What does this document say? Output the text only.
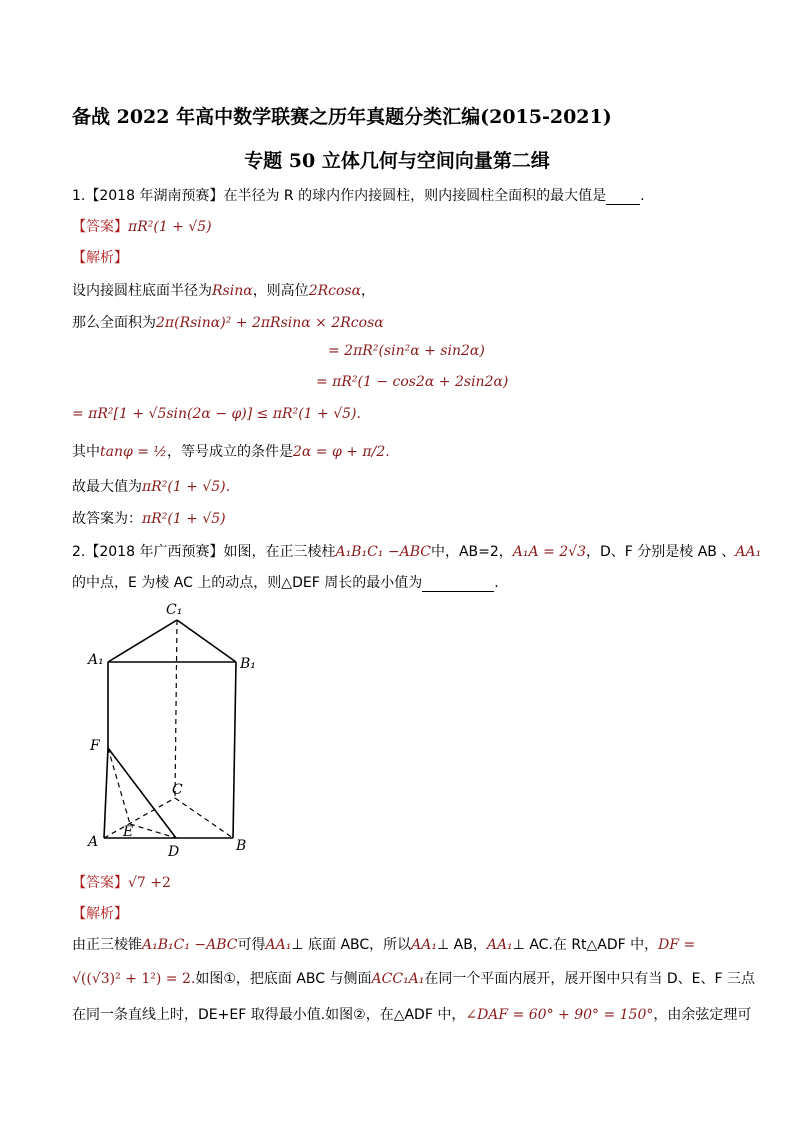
备战 2022 年高中数学联赛之历年真题分类汇编(2015-2021)
专题 50 立体几何与空间向量第二缉
1.【2018 年湖南预赛】在半径为 R 的球内作内接圆柱，则内接圆柱全面积的最大值是 .
【答案】πR²(1 + √5)
【解析】
设内接圆柱底面半径为Rsinα，则高位2Rcosα，
那么全面积为2π(Rsinα)² + 2πRsinα × 2Rcosα
= 2πR²(sin²α + sin2α)
= πR²(1 − cos2α + 2sin2α)
= πR²[1 + √5sin(2α − φ)] ≤ πR²(1 + √5).
其中tanφ = ½，等号成立的条件是2α = φ + π/2.
故最大值为πR²(1 + √5).
故答案为：πR²(1 + √5)
2.【2018 年广西预赛】如图，在正三棱柱A₁B₁C₁ −ABC中，AB=2，A₁A = 2√3，D、F 分别是棱 AB 、AA₁
的中点，E 为棱 AC 上的动点，则△DEF 周长的最小值为	.
C₁
A₁	B₁
F
C
A
E
D	B
【答案】√7 +2
【解析】
由正三棱锥A₁B₁C₁ −ABC可得AA₁⊥ 底面 ABC，所以AA₁⊥ AB，AA₁⊥ AC.在 Rt△ADF 中，DF =
√((√3)² + 1²) = 2.如图①，把底面 ABC 与侧面ACC₁A₁在同一个平面内展开，展开图中只有当 D、E、F 三点
在同一条直线上时，DE+EF 取得最小值.如图②，在△ADF 中，∠DAF = 60° + 90° = 150°，由余弦定理可
